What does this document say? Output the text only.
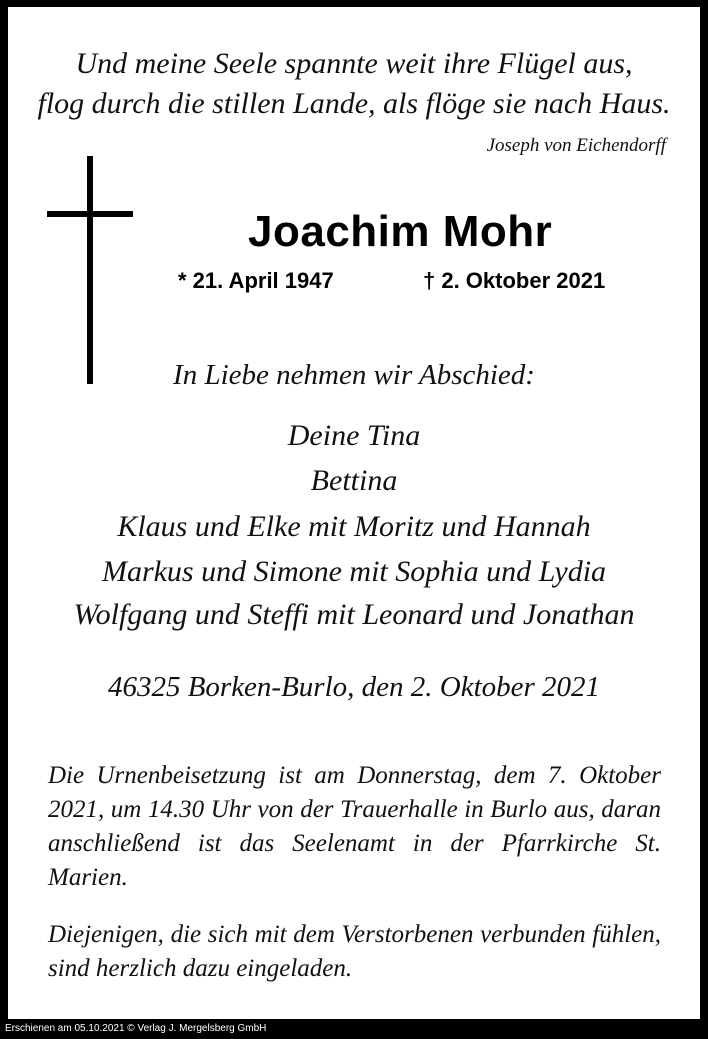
Und meine Seele spannte weit ihre Flügel aus,
flog durch die stillen Lande, als flöge sie nach Haus.
Joseph von Eichendorff
Joachim Mohr
* 21. April 1947	† 2. Oktober 2021
In Liebe nehmen wir Abschied:
Deine Tina
Bettina
Klaus und Elke mit Moritz und Hannah
Markus und Simone mit Sophia und Lydia
Wolfgang und Steffi mit Leonard und Jonathan
46325 Borken-Burlo, den 2. Oktober 2021

Die Urnenbeisetzung ist am Donnerstag, dem 7. Oktober 2021, um 14.30 Uhr von der Trauerhalle in Burlo aus, daran anschließend ist das Seelenamt in der Pfarrkirche St. Marien.

Diejenigen, die sich mit dem Verstorbenen verbunden fühlen, sind herzlich dazu eingeladen.

Erschienen am 05.10.2021 © Verlag J. Mergelsberg GmbH
